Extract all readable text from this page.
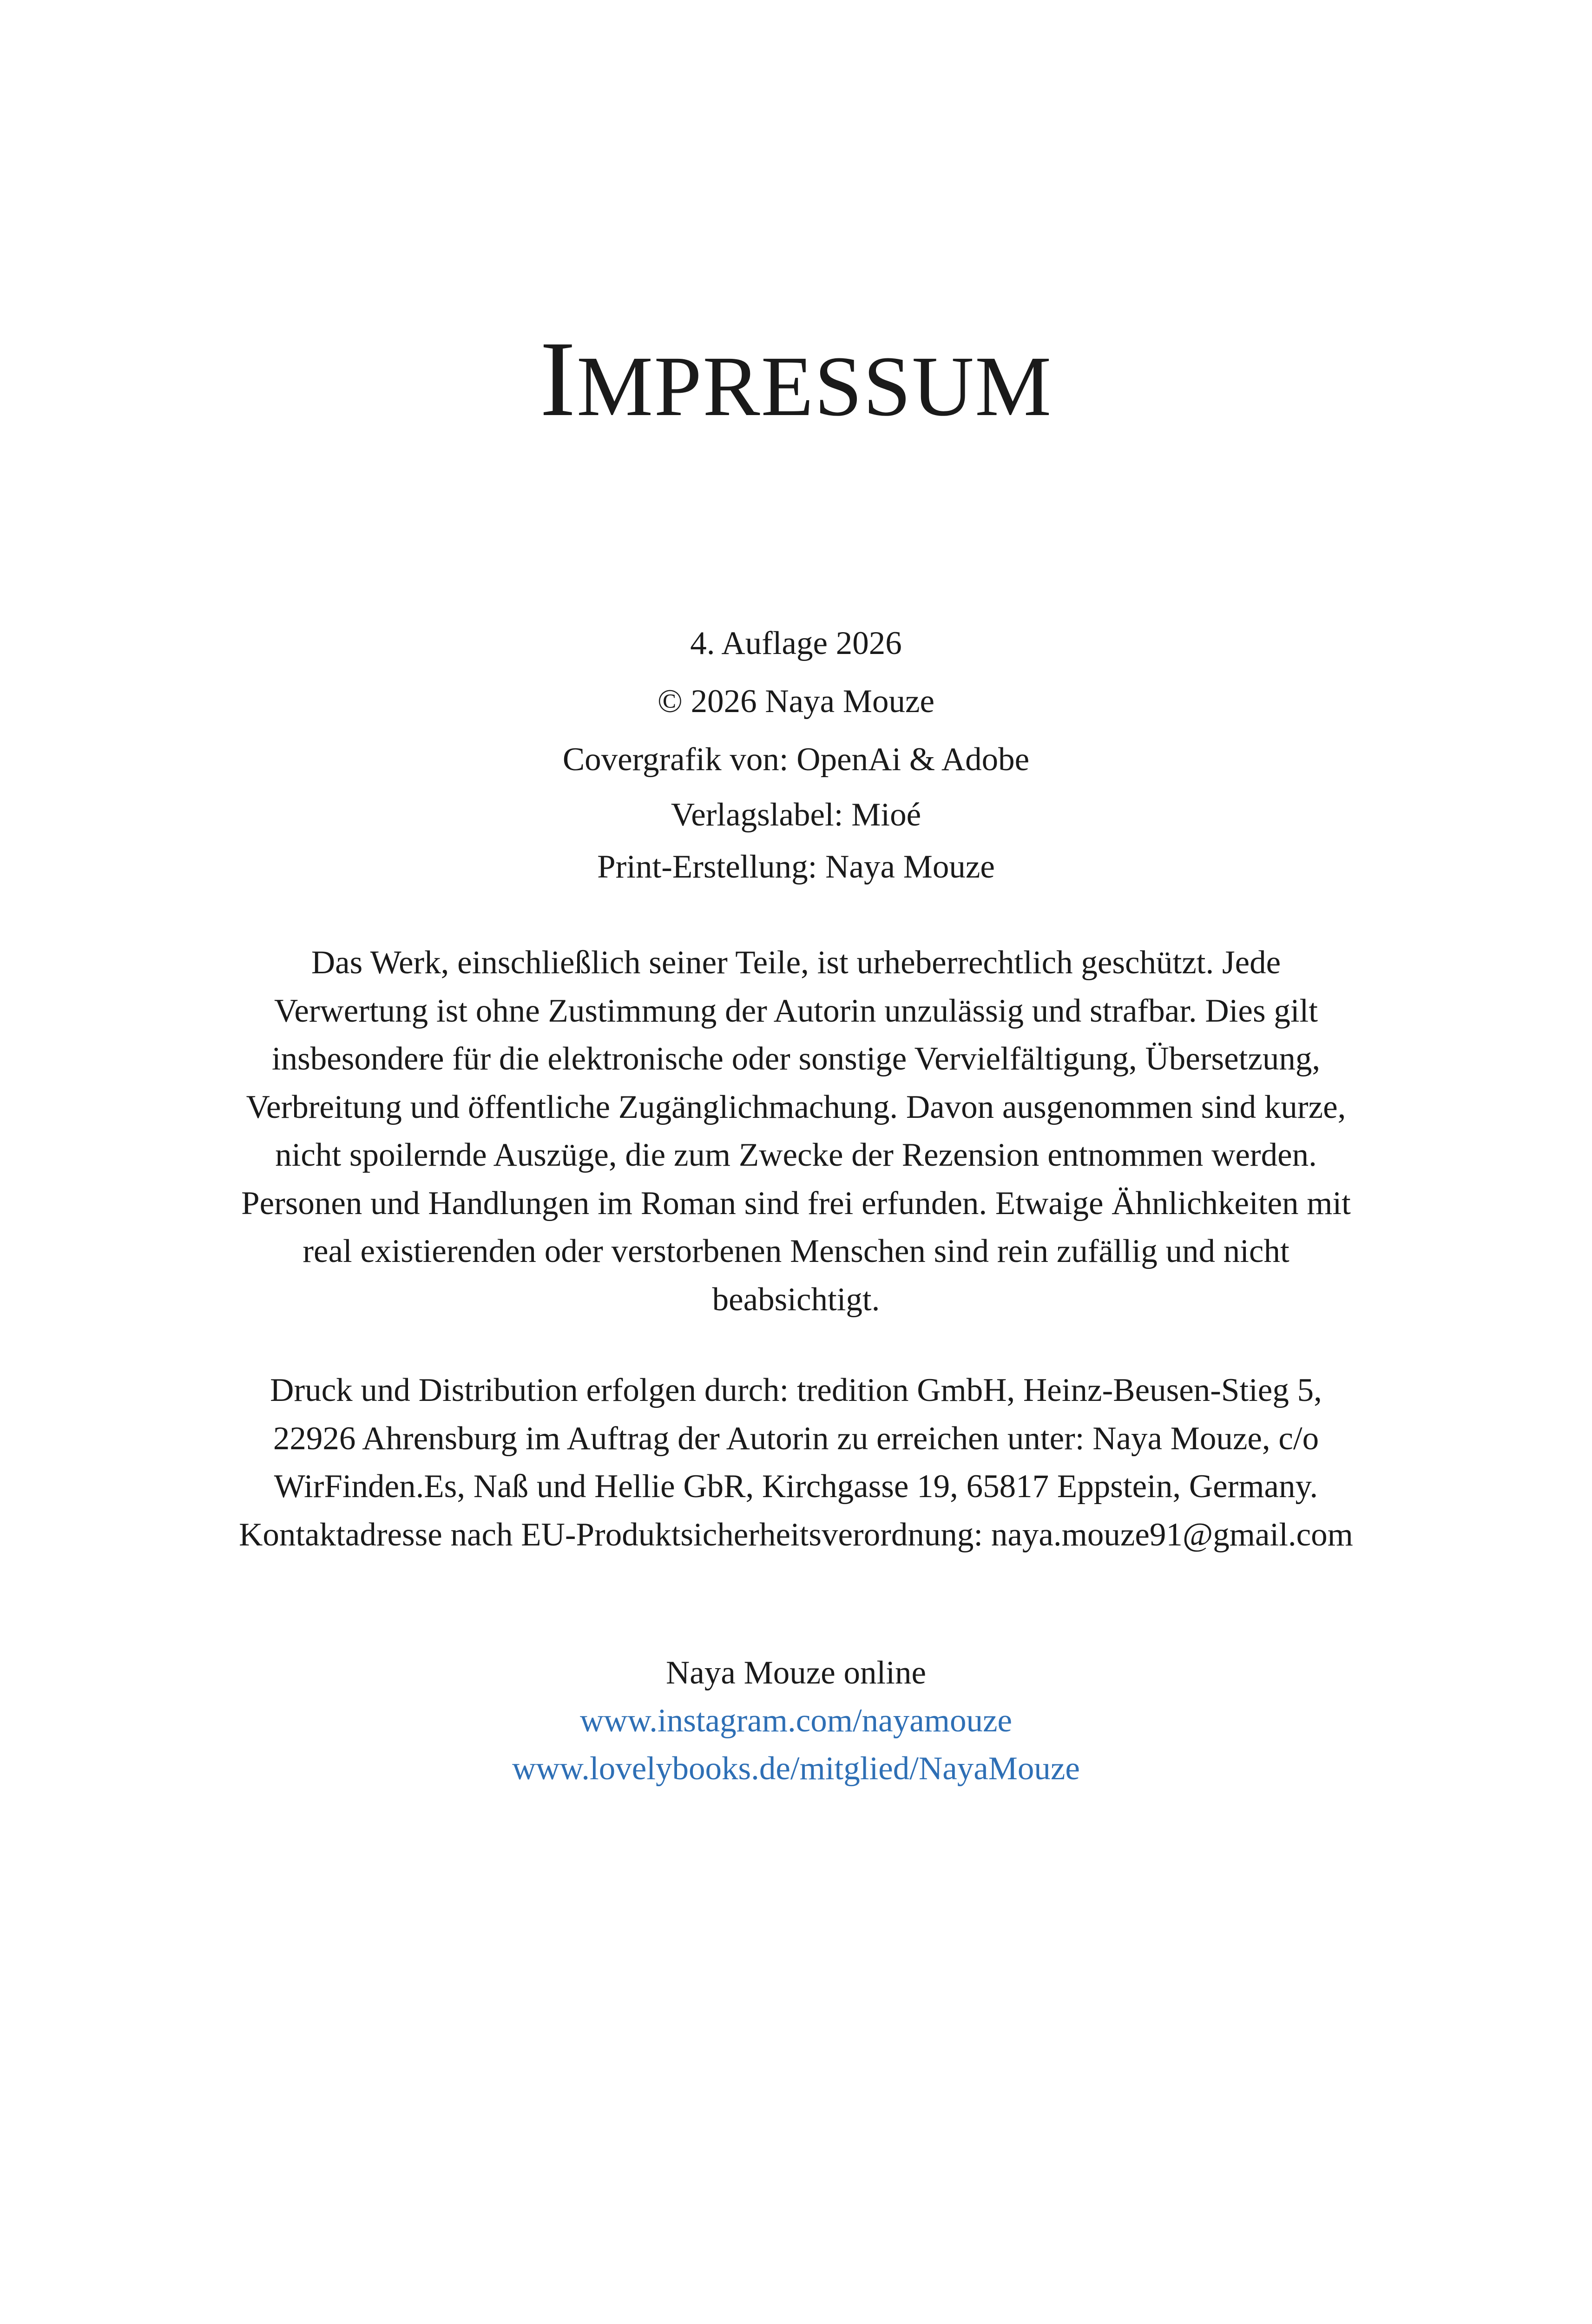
IMPRESSUM

4. Auflage 2026

© 2026 Naya Mouze

Covergrafik von: OpenAi & Adobe

Verlagslabel: Mioé

Print-Erstellung: Naya Mouze

Das Werk, einschließlich seiner Teile, ist urheberrechtlich geschützt. Jede

Verwertung ist ohne Zustimmung der Autorin unzulässig und strafbar. Dies gilt

insbesondere für die elektronische oder sonstige Vervielfältigung, Übersetzung,

Verbreitung und öffentliche Zugänglichmachung. Davon ausgenommen sind kurze,

nicht spoilernde Auszüge, die zum Zwecke der Rezension entnommen werden.

Personen und Handlungen im Roman sind frei erfunden. Etwaige Ähnlichkeiten mit

real existierenden oder verstorbenen Menschen sind rein zufällig und nicht

beabsichtigt.

Druck und Distribution erfolgen durch: tredition GmbH, Heinz-Beusen-Stieg 5,

22926 Ahrensburg im Auftrag der Autorin zu erreichen unter: Naya Mouze, c/o

WirFinden.Es, Naß und Hellie GbR, Kirchgasse 19, 65817 Eppstein, Germany.

Kontaktadresse nach EU-Produktsicherheitsverordnung: naya.mouze91@gmail.com

Naya Mouze online

www.instagram.com/nayamouze

www.lovelybooks.de/mitglied/NayaMouze
